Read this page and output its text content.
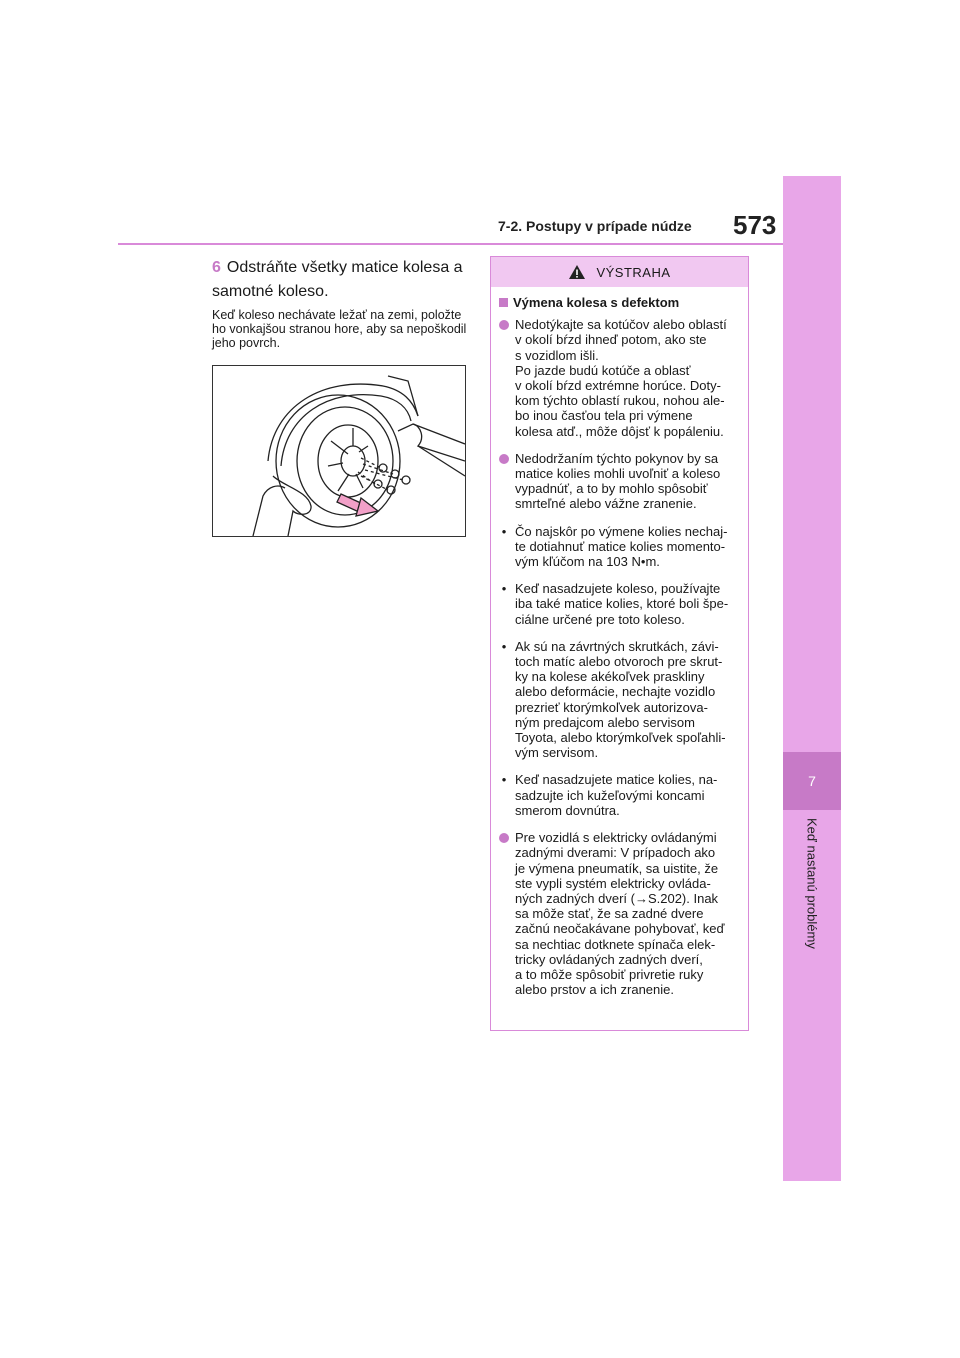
7
Keď nastanú problémy
7-2. Postupy v prípade núdze 573
6 Odstráňte všetky matice kolesa a samotné koleso.
Keď koleso nechávate ležať na zemi, položte ho vonkajšou stranou hore, aby sa nepoškodil jeho povrch.
VÝSTRAHA
Výmena kolesa s defektom
Nedotýkajte sa kotúčov alebo oblastí
v okolí bŕzd ihneď potom, ako ste
s vozidlom išli.
Po jazde budú kotúče a oblasť
v okolí bŕzd extrémne horúce. Doty-
kom týchto oblastí rukou, nohou ale-
bo inou časťou tela pri výmene
kolesa atď., môže dôjsť k popáleniu.
Nedodržaním týchto pokynov by sa
matice kolies mohli uvoľniť a koleso
vypadnúť, a to by mohlo spôsobiť
smrteľné alebo vážne zranenie.
• Čo najskôr po výmene kolies nechaj-
te dotiahnuť matice kolies momento-
vým kľúčom na 103 N•m.
• Keď nasadzujete koleso, používajte
iba také matice kolies, ktoré boli špe-
ciálne určené pre toto koleso.
• Ak sú na závrtných skrutkách, závi-
toch matíc alebo otvoroch pre skrut-
ky na kolese akékoľvek praskliny
alebo deformácie, nechajte vozidlo
prezrieť ktorýmkoľvek autorizova-
ným predajcom alebo servisom
Toyota, alebo ktorýmkoľvek spoľahli-
vým servisom.
• Keď nasadzujete matice kolies, na-
sadzujte ich kužeľovými koncami
smerom dovnútra.
Pre vozidlá s elektricky ovládanými
zadnými dverami: V prípadoch ako
je výmena pneumatík, sa uistite, že
ste vypli systém elektricky ovláda-
ných zadných dverí (→S.202). Inak
sa môže stať, že sa zadné dvere
začnú neočakávane pohybovať, keď
sa nechtiac dotknete spínača elek-
tricky ovládaných zadných dverí,
a to môže spôsobiť privretie ruky
alebo prstov a ich zranenie.
